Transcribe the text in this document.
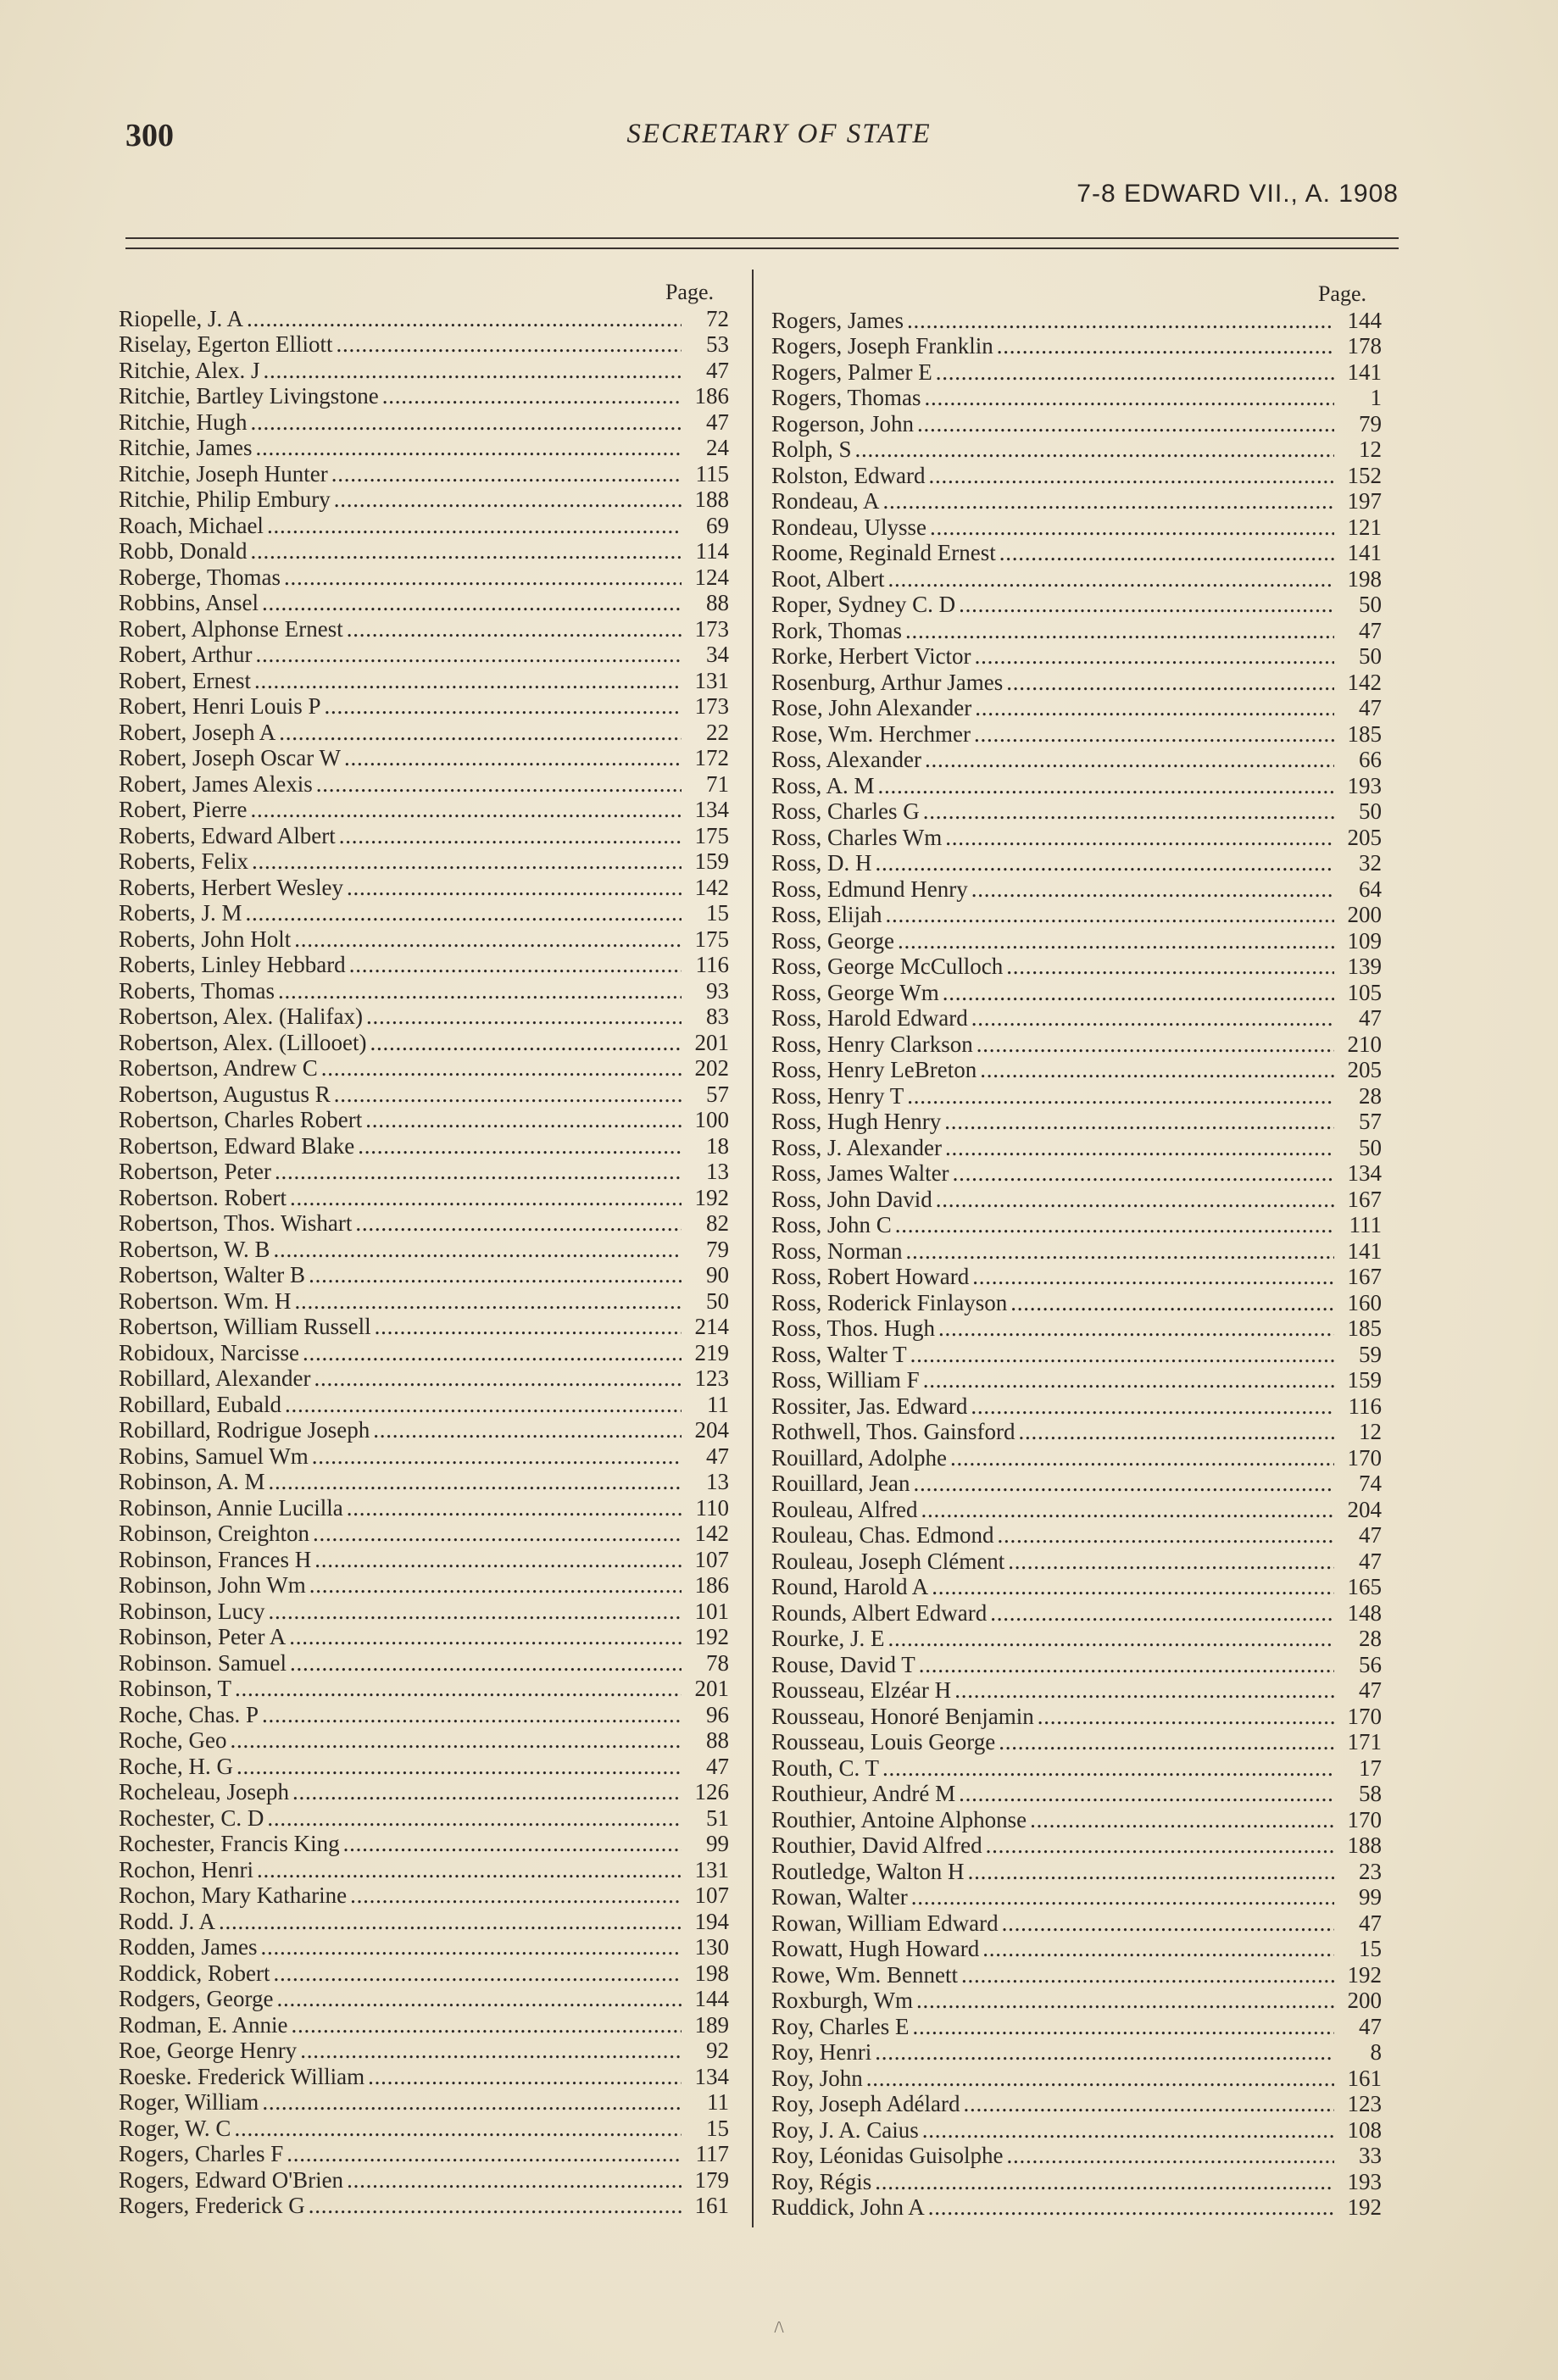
300	SECRETARY OF STATE
7-8 EDWARD VII., A. 1908
Page.
Riopelle, J. A . . .	72
Riselay, Egerton Elliott . . .	53
Ritchie, Alex. J . . .	47
Ritchie, Bartley Livingstone . . .	186
Ritchie, Hugh . . .	47
Ritchie, James . . .	24
Ritchie, Joseph Hunter . . .	115
Ritchie, Philip Embury . . .	188
Roach, Michael . . .	69
Robb, Donald . . .	114
Roberge, Thomas . . .	124
Robbins, Ansel . . .	88
Robert, Alphonse Ernest . . .	173
Robert, Arthur . . .	34
Robert, Ernest . . .	131
Robert, Henri Louis P . . .	173
Robert, Joseph A . . .	22
Robert, Joseph Oscar W . . .	172
Robert, James Alexis . . .	71
Robert, Pierre . . .	134
Roberts, Edward Albert . . .	175
Roberts, Felix . . .	159
Roberts, Herbert Wesley . . .	142
Roberts, J. M . . .	15
Roberts, John Holt . . .	175
Roberts, Linley Hebbard . . .	116
Roberts, Thomas . . .	93
Robertson, Alex. (Halifax) . . .	83
Robertson, Alex. (Lillooet) . . .	201
Robertson, Andrew C . . .	202
Robertson, Augustus R . . .	57
Robertson, Charles Robert . . .	100
Robertson, Edward Blake . . .	18
Robertson, Peter . . .	13
Robertson. Robert . . .	192
Robertson, Thos. Wishart . . .	82
Robertson, W. B . . .	79
Robertson, Walter B . . .	90
Robertson. Wm. H . . .	50
Robertson, William Russell . . .	214
Robidoux, Narcisse . . .	219
Robillard, Alexander . . .	123
Robillard, Eubald . . .	11
Robillard, Rodrigue Joseph . . .	204
Robins, Samuel Wm . . .	47
Robinson, A. M . . .	13
Robinson, Annie Lucilla . . .	110
Robinson, Creighton . . .	142
Robinson, Frances H . . .	107
Robinson, John Wm . . .	186
Robinson, Lucy . . .	101
Robinson, Peter A . . .	192
Robinson. Samuel . . .	78
Robinson, T . . .	201
Roche, Chas. P . . .	96
Roche, Geo . . .	88
Roche, H. G . . .	47
Rocheleau, Joseph . . .	126
Rochester, C. D . . .	51
Rochester, Francis King . . .	99
Rochon, Henri . . .	131
Rochon, Mary Katharine . . .	107
Rodd. J. A . . .	194
Rodden, James . . .	130
Roddick, Robert . . .	198
Rodgers, George . . .	144
Rodman, E. Annie . . .	189
Roe, George Henry . . .	92
Roeske. Frederick William . . .	134
Roger, William . . .	11
Roger, W. C . . .	15
Rogers, Charles F . . .	117
Rogers, Edward O'Brien . . .	179
Rogers, Frederick G . . .	161
Page.
Rogers, James . . .	144
Rogers, Joseph Franklin . . .	178
Rogers, Palmer E . . .	141
Rogers, Thomas . . .	1
Rogerson, John . . .	79
Rolph, S . . .	12
Rolston, Edward . . .	152
Rondeau, A . . .	197
Rondeau, Ulysse . . .	121
Roome, Reginald Ernest . . .	141
Root, Albert . . .	198
Roper, Sydney C. D . . .	50
Rork, Thomas . . .	47
Rorke, Herbert Victor . . .	50
Rosenburg, Arthur James . . .	142
Rose, John Alexander . . .	47
Rose, Wm. Herchmer . . .	185
Ross, Alexander . . .	66
Ross, A. M . . .	193
Ross, Charles G . . .	50
Ross, Charles Wm . . .	205
Ross, D. H . . .	32
Ross, Edmund Henry . . .	64
Ross, Elijah . . .	200
Ross, George . . .	109
Ross, George McCulloch . . .	139
Ross, George Wm . . .	105
Ross, Harold Edward . . .	47
Ross, Henry Clarkson . . .	210
Ross, Henry LeBreton . . .	205
Ross, Henry T . . .	28
Ross, Hugh Henry . . .	57
Ross, J. Alexander . . .	50
Ross, James Walter . . .	134
Ross, John David . . .	167
Ross, John C . . .	111
Ross, Norman . . .	141
Ross, Robert Howard . . .	167
Ross, Roderick Finlayson . . .	160
Ross, Thos. Hugh . . .	185
Ross, Walter T . . .	59
Ross, William F . . .	159
Rossiter, Jas. Edward . . .	116
Rothwell, Thos. Gainsford . . .	12
Rouillard, Adolphe . . .	170
Rouillard, Jean . . .	74
Rouleau, Alfred . . .	204
Rouleau, Chas. Edmond . . .	47
Rouleau, Joseph Clément . . .	47
Round, Harold A . . .	165
Rounds, Albert Edward . . .	148
Rourke, J. E . . .	28
Rouse, David T . . .	56
Rousseau, Elzéar H . . .	47
Rousseau, Honoré Benjamin . . .	170
Rousseau, Louis George . . .	171
Routh, C. T . . .	17
Routhieur, André M . . .	58
Routhier, Antoine Alphonse . . .	170
Routhier, David Alfred . . .	188
Routledge, Walton H . . .	23
Rowan, Walter . . .	99
Rowan, William Edward . . .	47
Rowatt, Hugh Howard . . .	15
Rowe, Wm. Bennett . . .	192
Roxburgh, Wm . . .	200
Roy, Charles E . . .	47
Roy, Henri . . .	8
Roy, John . . .	161
Roy, Joseph Adélard . . .	123
Roy, J. A. Caius . . .	108
Roy, Léonidas Guisolphe . . .	33
Roy, Régis . . .	193
Ruddick, John A . . .	192
/\
